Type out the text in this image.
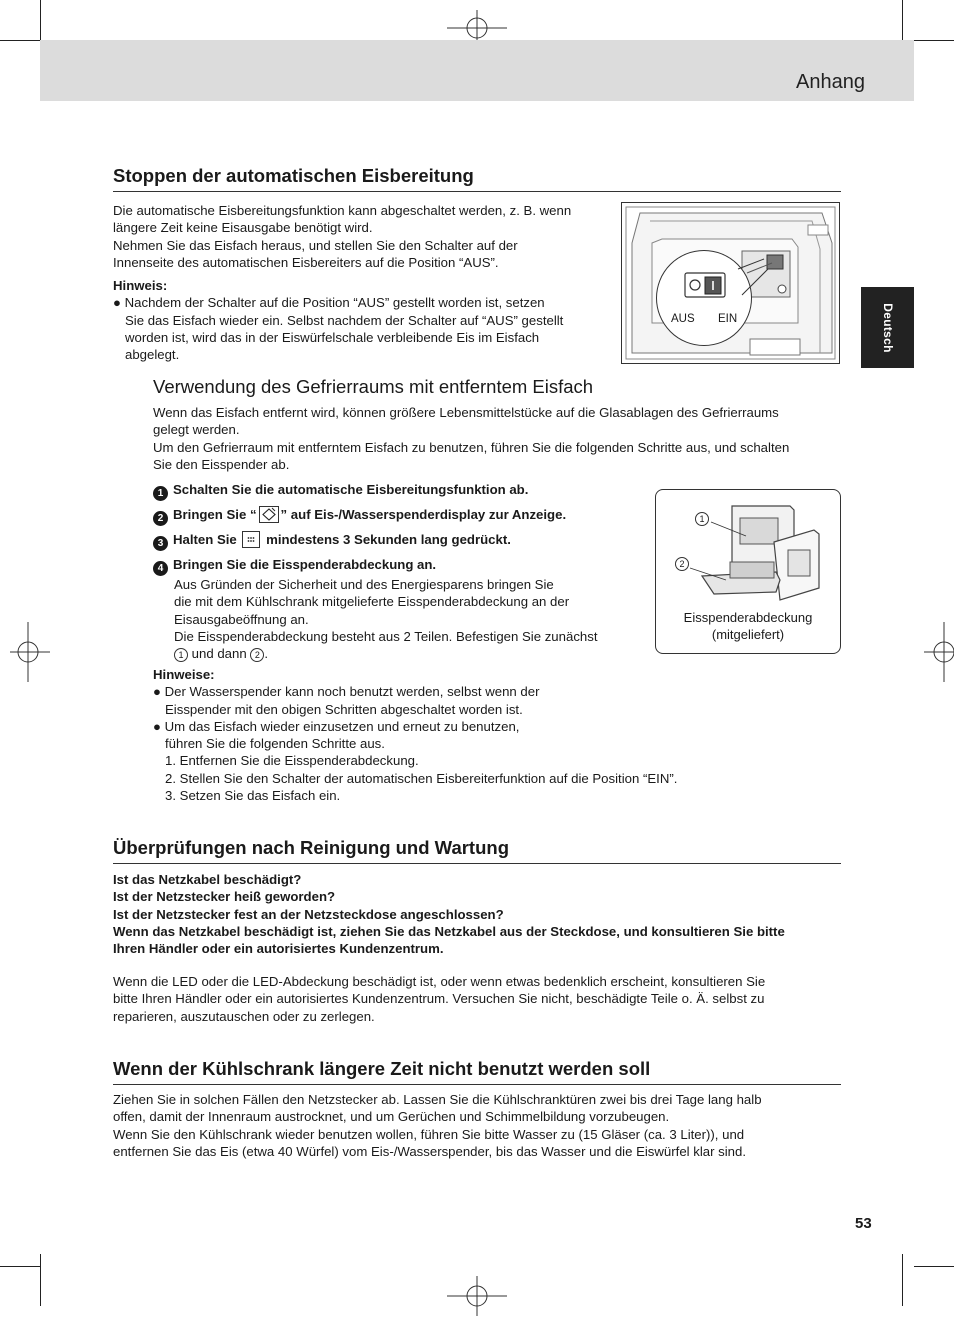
Anhang
Deutsch
Stoppen der automatischen Eisbereitung

Die automatische Eisbereitungsfunktion kann abgeschaltet werden, z. B. wenn

längere Zeit keine Eisausgabe benötigt wird.

Nehmen Sie das Eisfach heraus, und stellen Sie den Schalter auf der

Innenseite des automatischen Eisbereiters auf die Position “AUS”.

Hinweis:

● Nachdem der Schalter auf die Position “AUS” gestellt worden ist, setzen

Sie das Eisfach wieder ein. Selbst nachdem der Schalter auf “AUS” gestellt

worden ist, wird das in der Eiswürfelschale verbleibende Eis im Eisfach

abgelegt.

AUS EIN
Verwendung des Gefrierraums mit entferntem Eisfach

Wenn das Eisfach entfernt wird, können größere Lebensmittelstücke auf die Glasablagen des Gefrierraums

gelegt werden.

Um den Gefrierraum mit entferntem Eisfach zu benutzen, führen Sie die folgenden Schritte aus, und schalten

Sie den Eisspender ab.

1 Schalten Sie die automatische Eisbereitungsfunktion ab.
2 Bringen Sie “ ” auf Eis-/Wasserspenderdisplay zur Anzeige.
3 Halten Sie mindestens 3 Sekunden lang gedrückt.
4 Bringen Sie die Eisspenderabdeckung an.

Aus Gründen der Sicherheit und des Energiesparens bringen Sie

die mit dem Kühlschrank mitgelieferte Eisspenderabdeckung an der

Eisausgabeöffnung an.

Die Eisspenderabdeckung besteht aus 2 Teilen. Befestigen Sie zunächst

1 und dann 2 .

1
2
Eisspenderabdeckung
(mitgeliefert)

Hinweise:

● Der Wasserspender kann noch benutzt werden, selbst wenn der

Eisspender mit den obigen Schritten abgeschaltet worden ist.

● Um das Eisfach wieder einzusetzen und erneut zu benutzen,

führen Sie die folgenden Schritte aus.

1. Entfernen Sie die Eisspenderabdeckung.

2. Stellen Sie den Schalter der automatischen Eisbereiterfunktion auf die Position “EIN”.

3. Setzen Sie das Eisfach ein.

Überprüfungen nach Reinigung und Wartung

Ist das Netzkabel beschädigt?

Ist der Netzstecker heiß geworden?

Ist der Netzstecker fest an der Netzsteckdose angeschlossen?

Wenn das Netzkabel beschädigt ist, ziehen Sie das Netzkabel aus der Steckdose, und konsultieren Sie bitte

Ihren Händler oder ein autorisiertes Kundenzentrum.

Wenn die LED oder die LED-Abdeckung beschädigt ist, oder wenn etwas bedenklich erscheint, konsultieren Sie

bitte Ihren Händler oder ein autorisiertes Kundenzentrum. Versuchen Sie nicht, beschädigte Teile o. Ä. selbst zu

reparieren, auszutauschen oder zu zerlegen.

Wenn der Kühlschrank längere Zeit nicht benutzt werden soll

Ziehen Sie in solchen Fällen den Netzstecker ab. Lassen Sie die Kühlschranktüren zwei bis drei Tage lang halb

offen, damit der Innenraum austrocknet, und um Gerüchen und Schimmelbildung vorzubeugen.

Wenn Sie den Kühlschrank wieder benutzen wollen, führen Sie bitte Wasser zu (15 Gläser (ca. 3 Liter)), und

entfernen Sie das Eis (etwa 40 Würfel) vom Eis-/Wasserspender, bis das Wasser und die Eiswürfel klar sind.

53
